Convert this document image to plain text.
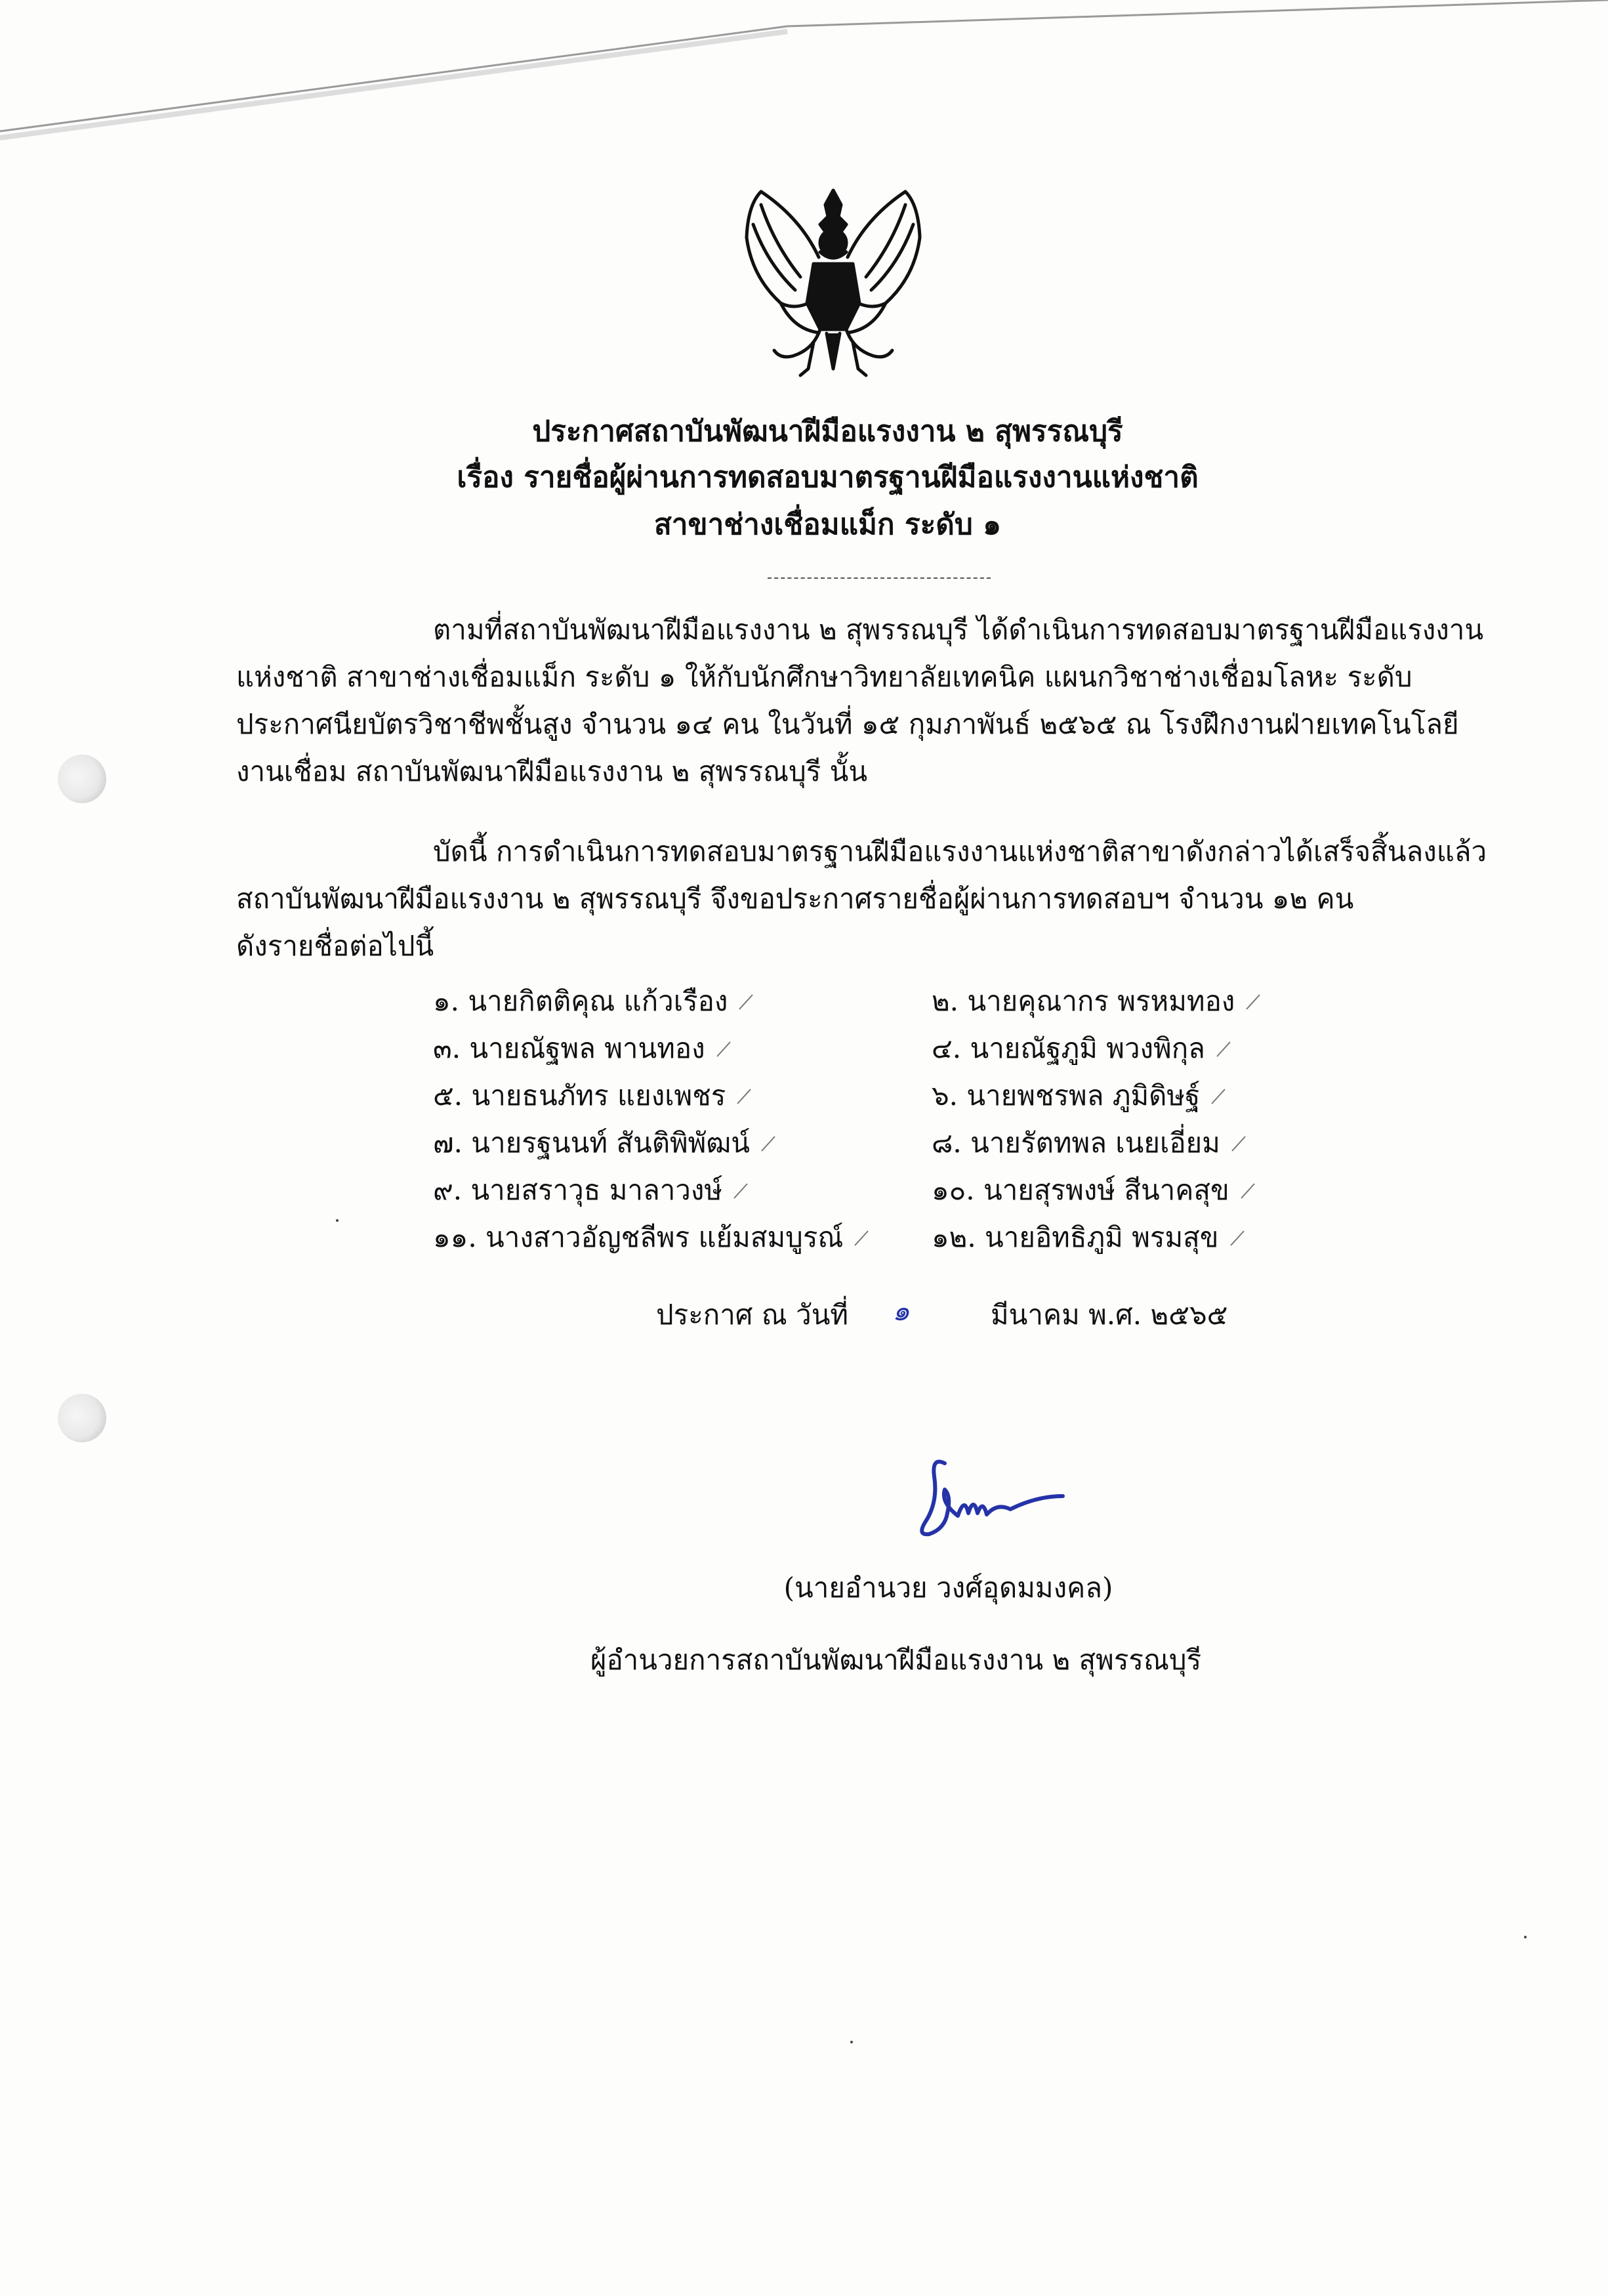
ประกาศสถาบันพัฒนาฝีมือแรงงาน ๒ สุพรรณบุรี
เรื่อง รายชื่อผู้ผ่านการทดสอบมาตรฐานฝีมือแรงงานแห่งชาติ
สาขาช่างเชื่อมแม็ก ระดับ ๑
ตามที่สถาบันพัฒนาฝีมือแรงงาน ๒ สุพรรณบุรี ได้ดำเนินการทดสอบมาตรฐานฝีมือแรงงาน
แห่งชาติ สาขาช่างเชื่อมแม็ก ระดับ ๑ ให้กับนักศึกษาวิทยาลัยเทคนิค แผนกวิชาช่างเชื่อมโลหะ ระดับ
ประกาศนียบัตรวิชาชีพชั้นสูง จำนวน ๑๔ คน ในวันที่ ๑๕ กุมภาพันธ์ ๒๕๖๕ ณ โรงฝึกงานฝ่ายเทคโนโลยี
งานเชื่อม สถาบันพัฒนาฝีมือแรงงาน ๒ สุพรรณบุรี นั้น
บัดนี้ การดำเนินการทดสอบมาตรฐานฝีมือแรงงานแห่งชาติสาขาดังกล่าวได้เสร็จสิ้นลงแล้ว
สถาบันพัฒนาฝีมือแรงงาน ๒ สุพรรณบุรี จึงขอประกาศรายชื่อผู้ผ่านการทดสอบฯ จำนวน ๑๒ คน
ดังรายชื่อต่อไปนี้
๑. นายกิตติคุณ แก้วเรือง	๒. นายคุณากร พรหมทอง
๓. นายณัฐพล พานทอง	๔. นายณัฐภูมิ พวงพิกุล
๕. นายธนภัทร แยงเพชร	๖. นายพชรพล ภูมิดิษฐ์
๗. นายรฐนนท์ สันติพิพัฒน์	๘. นายรัตทพล เนยเอี่ยม
๙. นายสราวุธ มาลาวงษ์	๑๐. นายสุรพงษ์ สีนาคสุข
๑๑. นางสาวอัญชลีพร แย้มสมบูรณ์	๑๒. นายอิทธิภูมิ พรมสุข
ประกาศ ณ วันที่ ๑	มีนาคม พ.ศ. ๒๕๖๕
(นายอำนวย วงศ์อุดมมงคล)
ผู้อำนวยการสถาบันพัฒนาฝีมือแรงงาน ๒ สุพรรณบุรี
